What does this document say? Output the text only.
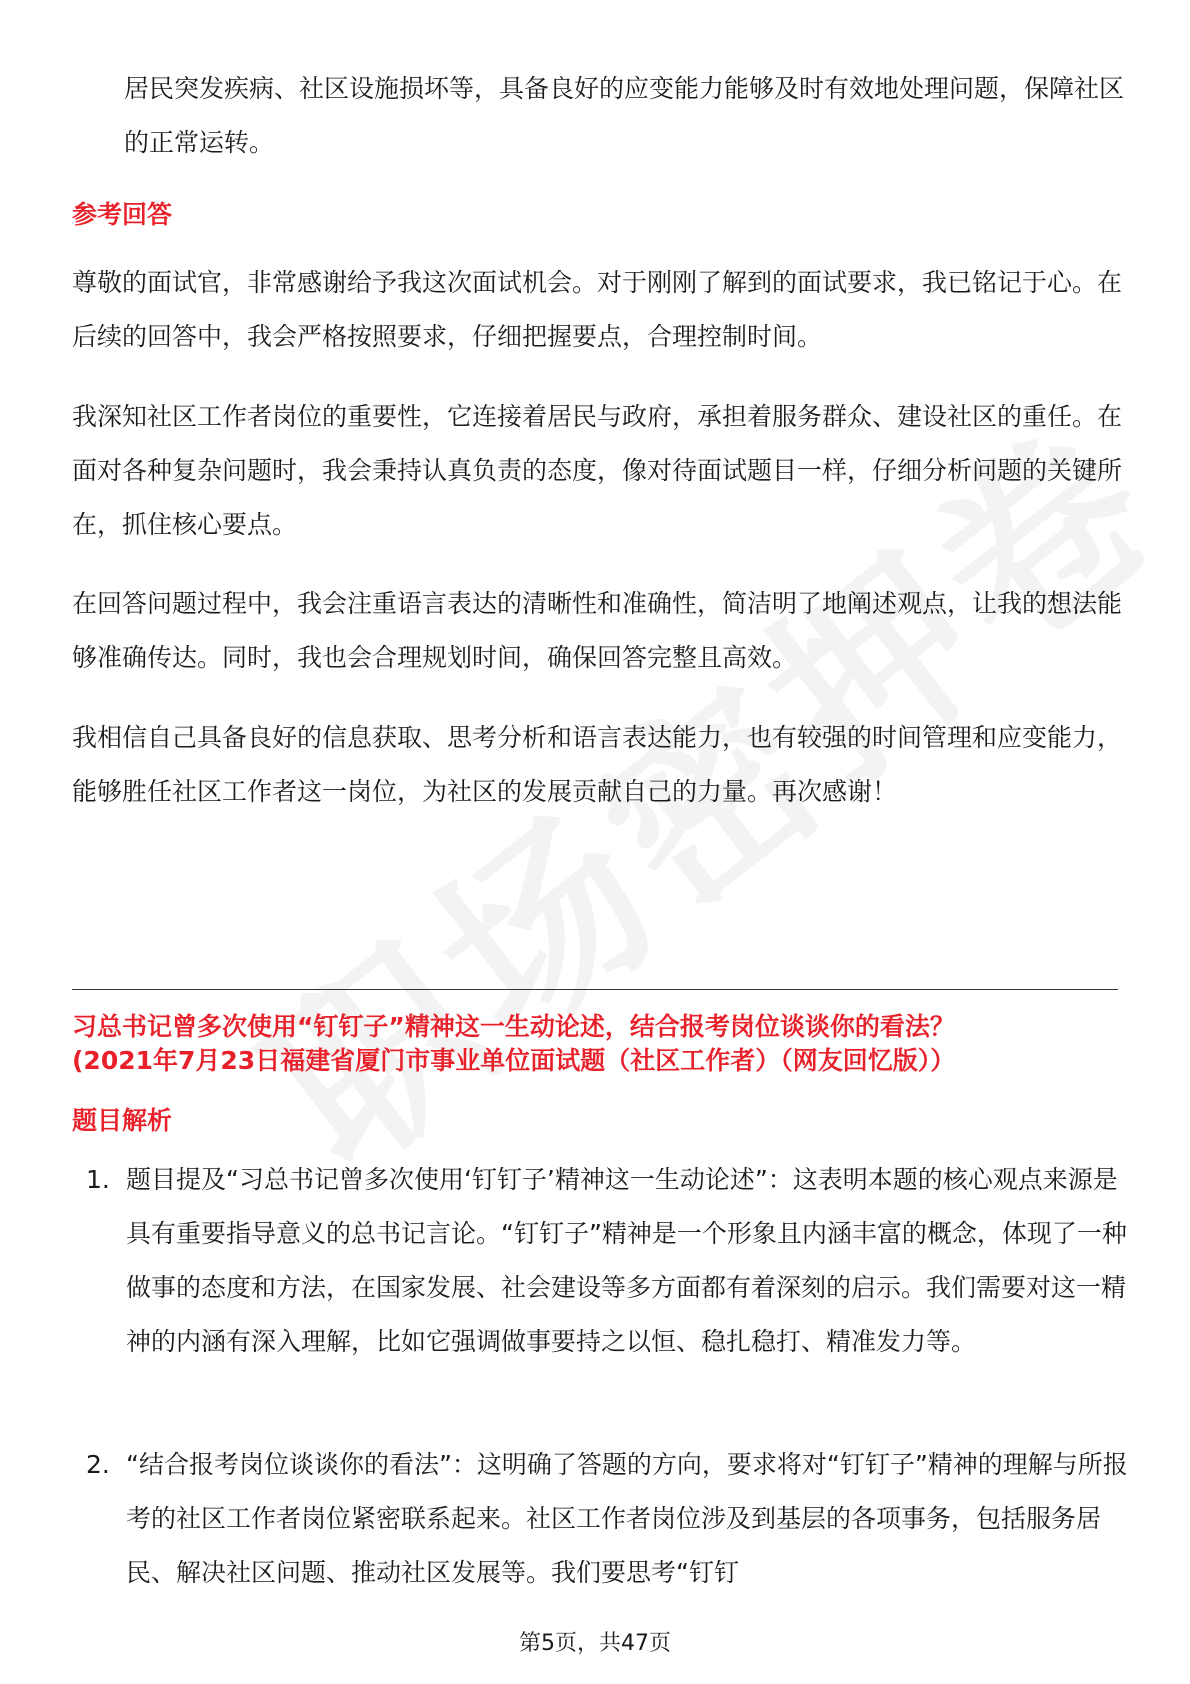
居民突发疾病、社区设施损坏等，具备良好的应变能力能够及时有效地处理问题，保障社区的正常运转。

参考回答

尊敬的面试官，非常感谢给予我这次面试机会。对于刚刚了解到的面试要求，我已铭记于心。在后续的回答中，我会严格按照要求，仔细把握要点，合理控制时间。

我深知社区工作者岗位的重要性，它连接着居民与政府，承担着服务群众、建设社区的重任。在面对各种复杂问题时，我会秉持认真负责的态度，像对待面试题目一样，仔细分析问题的关键所在，抓住核心要点。

在回答问题过程中，我会注重语言表达的清晰性和准确性，简洁明了地阐述观点，让我的想法能够准确传达。同时，我也会合理规划时间，确保回答完整且高效。

我相信自己具备良好的信息获取、思考分析和语言表达能力，也有较强的时间管理和应变能力，能够胜任社区工作者这一岗位，为社区的发展贡献自己的力量。再次感谢！

习总书记曾多次使用“钉钉子”精神这一生动论述，结合报考岗位谈谈你的看法？
(2021年7月23日福建省厦门市事业单位面试题（社区工作者）（网友回忆版））

题目解析
1. 题目提及“习总书记曾多次使用‘钉钉子’精神这一生动论述”：这表明本题的核心观点来源是具有重要指导意义的总书记言论。“钉钉子”精神是一个形象且内涵丰富的概念，体现了一种做事的态度和方法，在国家发展、社会建设等多方面都有着深刻的启示。我们需要对这一精神的内涵有深入理解，比如它强调做事要持之以恒、稳扎稳打、精准发力等。

2. “结合报考岗位谈谈你的看法”：这明确了答题的方向，要求将对“钉钉子”精神的理解与所报考的社区工作者岗位紧密联系起来。社区工作者岗位涉及到基层的各项事务，包括服务居民、解决社区问题、推动社区发展等。我们要思考“钉钉

第5页，共47页
